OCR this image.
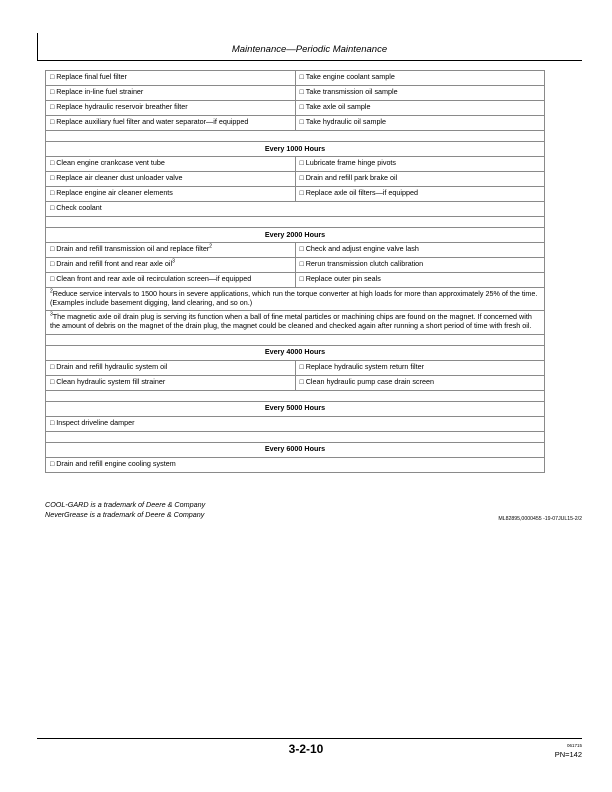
Maintenance—Periodic Maintenance
□ Replace final fuel filter	□ Take engine coolant sample
□ Replace in-line fuel strainer	□ Take transmission oil sample
□ Replace hydraulic reservoir breather filter	□ Take axle oil sample
□ Replace auxiliary fuel filter and water separator—if equipped	□ Take hydraulic oil sample

Every 1000 Hours	
□ Clean engine crankcase vent tube	□ Lubricate frame hinge pivots
□ Replace air cleaner dust unloader valve	□ Drain and refill park brake oil
□ Replace engine air cleaner elements	□ Replace axle oil filters—if equipped
□ Check coolant	

Every 2000 Hours	
□ Drain and refill transmission oil and replace filter$^2$	□ Check and adjust engine valve lash
□ Drain and refill front and rear axle oil$^3$	□ Rerun transmission clutch calibration
□ Clean front and rear axle oil recirculation screen—if equipped	□ Replace outer pin seals
$^2$Reduce service intervals to 1500 hours in severe applications, which run the torque converter at high loads for more than approximately 25% of the time. (Examples include basement digging, land clearing, and so on.)	
$^3$The magnetic axle oil drain plug is serving its function when a ball of fine metal particles or machining chips are found on the magnet. If concerned with the amount of debris on the magnet of the drain plug, the magnet could be cleaned and checked again after running a short period of time with fresh oil.	

Every 4000 Hours	
□ Drain and refill hydraulic system oil	□ Replace hydraulic system return filter
□ Clean hydraulic system fill strainer	□ Clean hydraulic pump case drain screen

Every 5000 Hours	
□ Inspect driveline damper	

Every 6000 Hours	
□ Drain and refill engine cooling system	
COOL-GARD is a trademark of Deere & Company
NeverGrease is a trademark of Deere & Company
ML82895,0000455 -19-07JUL15-2/2
3-2-10	061715
PN=142
